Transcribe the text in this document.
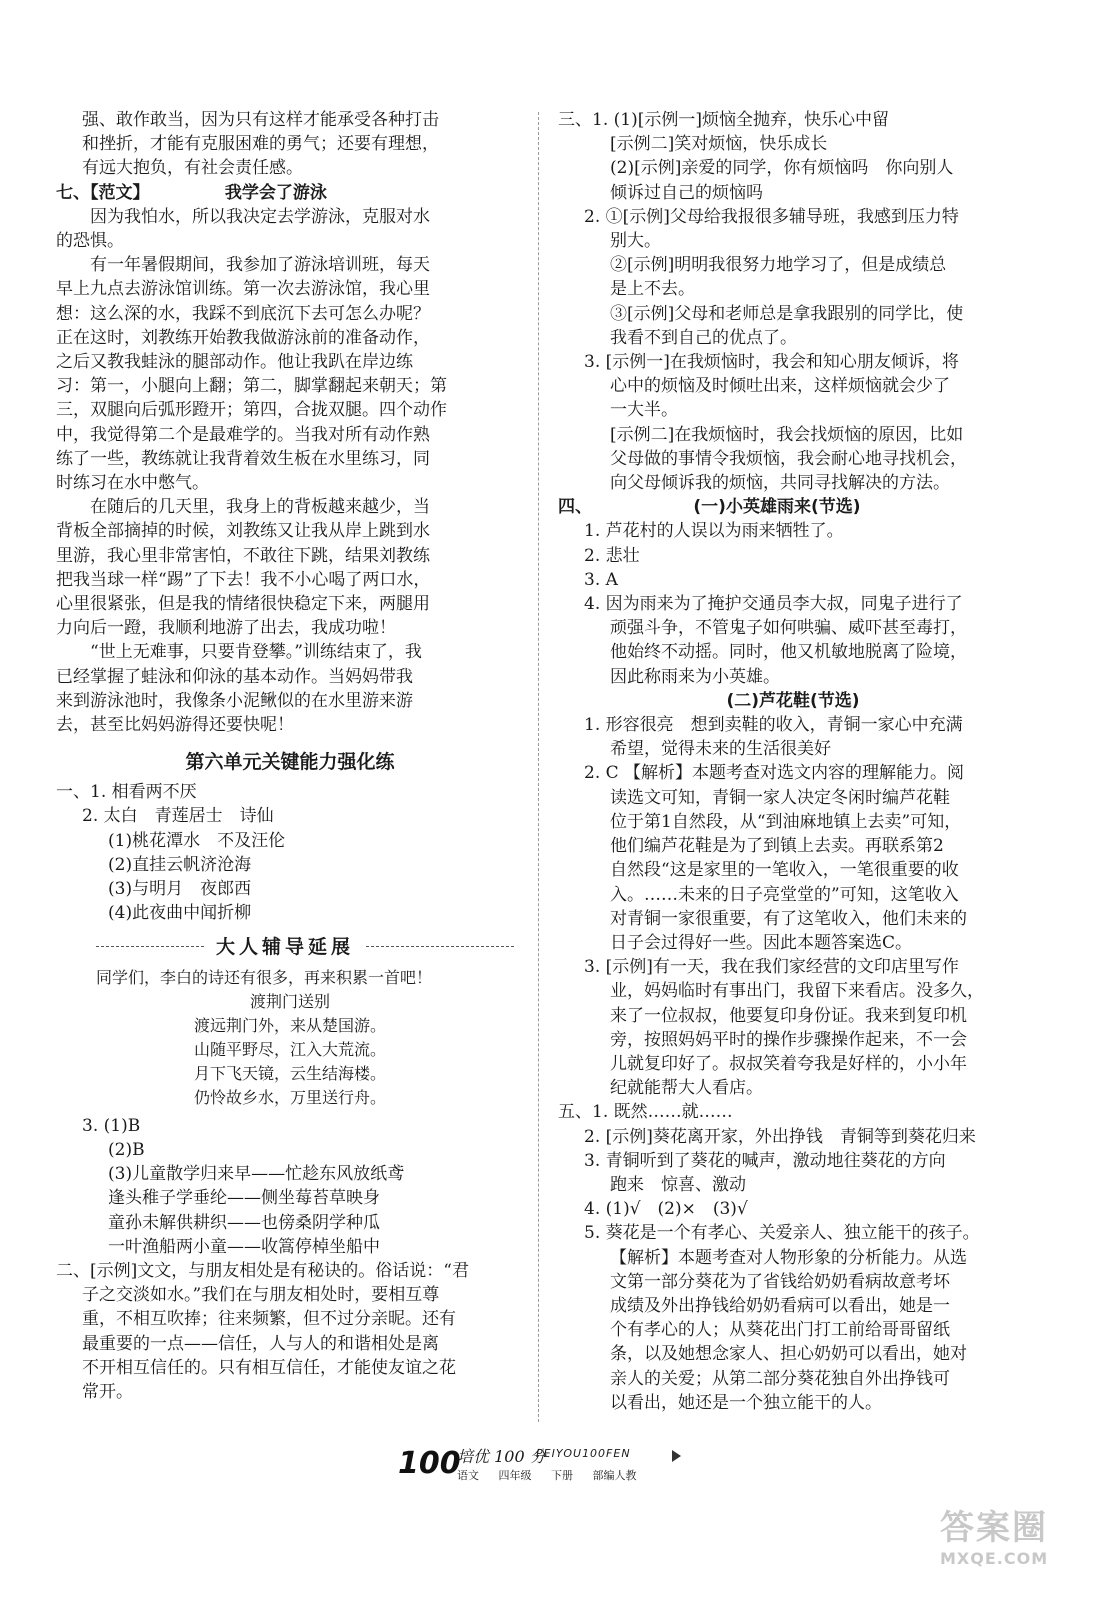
强、敢作敢当，因为只有这样才能承受各种打击
和挫折，才能有克服困难的勇气；还要有理想，
有远大抱负，有社会责任感。
七、【范文】	我学会了游泳
　　因为我怕水，所以我决定去学游泳，克服对水
的恐惧。
　　有一年暑假期间，我参加了游泳培训班，每天
早上九点去游泳馆训练。第一次去游泳馆，我心里
想：这么深的水，我踩不到底沉下去可怎么办呢？
正在这时，刘教练开始教我做游泳前的准备动作，
之后又教我蛙泳的腿部动作。他让我趴在岸边练
习：第一，小腿向上翻；第二，脚掌翻起来朝天；第
三，双腿向后弧形蹬开；第四，合拢双腿。四个动作
中，我觉得第二个是最难学的。当我对所有动作熟
练了一些，教练就让我背着效生板在水里练习，同
时练习在水中憋气。
　　在随后的几天里，我身上的背板越来越少，当
背板全部摘掉的时候，刘教练又让我从岸上跳到水
里游，我心里非常害怕，不敢往下跳，结果刘教练
把我当球一样“踢”了下去！我不小心喝了两口水，
心里很紧张，但是我的情绪很快稳定下来，两腿用
力向后一蹬，我顺利地游了出去，我成功啦！
　　“世上无难事，只要肯登攀。”训练结束了，我
已经掌握了蛙泳和仰泳的基本动作。当妈妈带我
来到游泳池时，我像条小泥鳅似的在水里游来游
去，甚至比妈妈游得还要快呢！
第六单元关键能力强化练
一、1. 相看两不厌
2. 太白　青莲居士　诗仙
(1)桃花潭水　不及汪伦
(2)直挂云帆济沧海
(3)与明月　夜郎西
(4)此夜曲中闻折柳
大人辅导延展
同学们，李白的诗还有很多，再来积累一首吧！
渡荆门送别
渡远荆门外，来从楚国游。
山随平野尽，江入大荒流。
月下飞天镜，云生结海楼。
仍怜故乡水，万里送行舟。
3. (1)B
(2)B
(3)儿童散学归来早——忙趁东风放纸鸢
逢头稚子学垂纶——侧坐莓苔草映身
童孙未解供耕织——也傍桑阴学种瓜
一叶渔船两小童——收篙停棹坐船中
二、[示例]文文，与朋友相处是有秘诀的。俗话说：“君
子之交淡如水。”我们在与朋友相处时，要相互尊
重，不相互吹捧；往来频繁，但不过分亲昵。还有
最重要的一点——信任，人与人的和谐相处是离
不开相互信任的。只有相互信任，才能使友谊之花
常开。
三、1. (1)[示例一]烦恼全抛弃，快乐心中留
[示例二]笑对烦恼，快乐成长
(2)[示例]亲爱的同学，你有烦恼吗　你向别人
倾诉过自己的烦恼吗
2. ①[示例]父母给我报很多辅导班，我感到压力特
别大。
②[示例]明明我很努力地学习了，但是成绩总
是上不去。
③[示例]父母和老师总是拿我跟别的同学比，使
我看不到自己的优点了。
3. [示例一]在我烦恼时，我会和知心朋友倾诉，将
心中的烦恼及时倾吐出来，这样烦恼就会少了
一大半。
[示例二]在我烦恼时，我会找烦恼的原因，比如
父母做的事情令我烦恼，我会耐心地寻找机会，
向父母倾诉我的烦恼，共同寻找解决的方法。
四、	(一)小英雄雨来(节选)
1. 芦花村的人误以为雨来牺牲了。
2. 悲壮
3. A
4. 因为雨来为了掩护交通员李大叔，同鬼子进行了
顽强斗争，不管鬼子如何哄骗、威吓甚至毒打，
他始终不动摇。同时，他又机敏地脱离了险境，
因此称雨来为小英雄。
(二)芦花鞋(节选)
1. 形容很亮　想到卖鞋的收入，青铜一家心中充满
希望，觉得未来的生活很美好
2. C 【解析】本题考查对选文内容的理解能力。阅
读选文可知，青铜一家人决定冬闲时编芦花鞋
位于第1自然段，从“到油麻地镇上去卖”可知，
他们编芦花鞋是为了到镇上去卖。再联系第2
自然段“这是家里的一笔收入，一笔很重要的收
入。……未来的日子亮堂堂的”可知，这笔收入
对青铜一家很重要，有了这笔收入，他们未来的
日子会过得好一些。因此本题答案选C。
3. [示例]有一天，我在我们家经营的文印店里写作
业，妈妈临时有事出门，我留下来看店。没多久，
来了一位叔叔，他要复印身份证。我来到复印机
旁，按照妈妈平时的操作步骤操作起来，不一会
儿就复印好了。叔叔笑着夸我是好样的，小小年
纪就能帮大人看店。
五、1. 既然……就……
2. [示例]葵花离开家，外出挣钱　青铜等到葵花归来
3. 青铜听到了葵花的喊声，激动地往葵花的方向
跑来　惊喜、激动
4. (1)√　(2)×　(3)√
5. 葵花是一个有孝心、关爱亲人、独立能干的孩子。
【解析】本题考查对人物形象的分析能力。从选
文第一部分葵花为了省钱给奶奶看病故意考坏
成绩及外出挣钱给奶奶看病可以看出，她是一
个有孝心的人；从葵花出门打工前给哥哥留纸
条，以及她想念家人、担心奶奶可以看出，她对
亲人的关爱；从第二部分葵花独自外出挣钱可
以看出，她还是一个独立能干的人。
100
培优 100 分
PEIYOU100FEN
语文 四年级 下册 部编人教
答案圈
MXQE.COM
